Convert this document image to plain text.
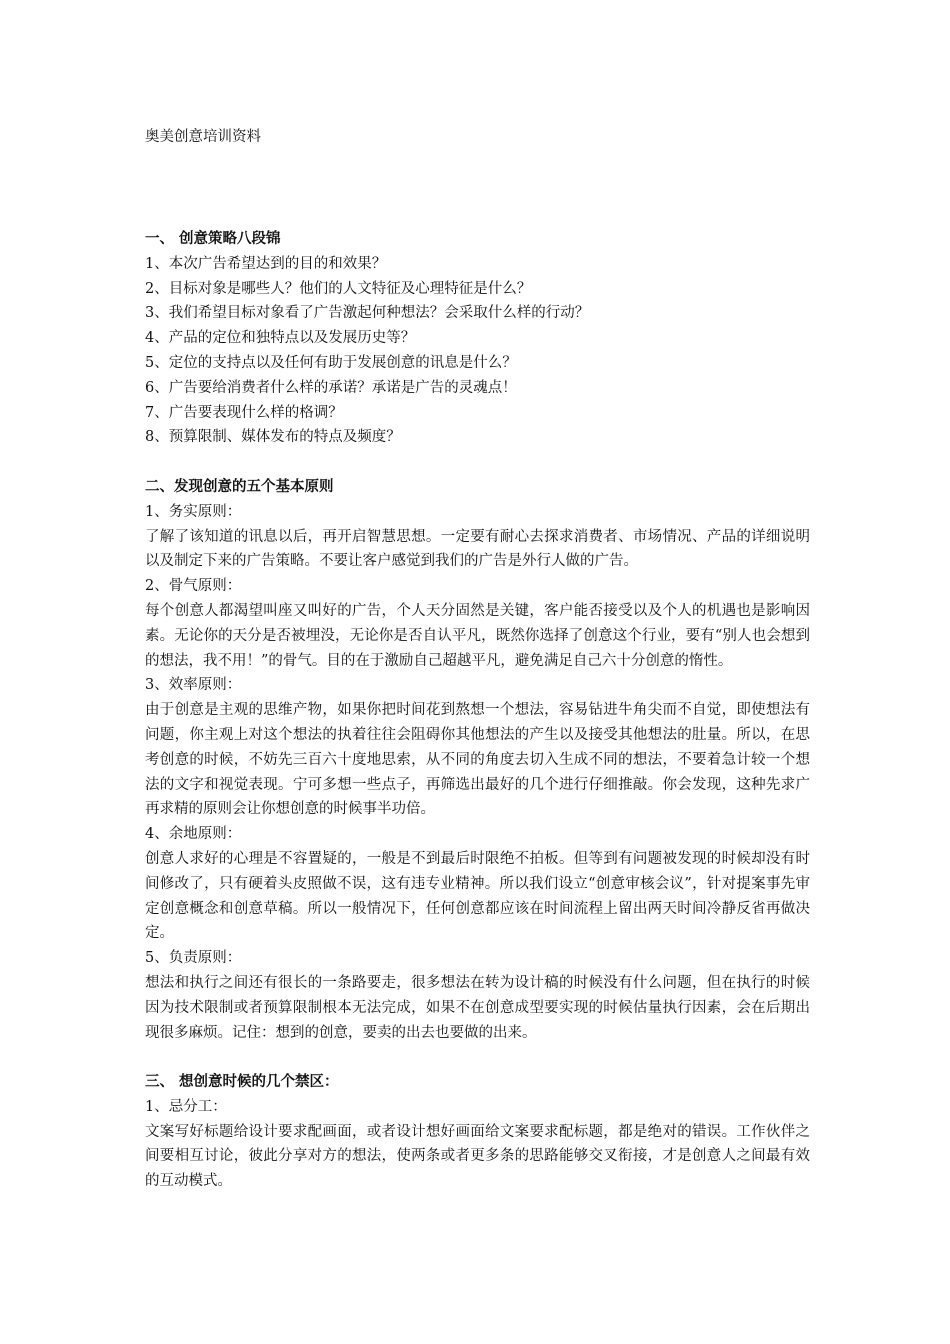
奥美创意培训资料
一、 创意策略八段锦
1、本次广告希望达到的目的和效果？
2、目标对象是哪些人？他们的人文特征及心理特征是什么？
3、我们希望目标对象看了广告激起何种想法？会采取什么样的行动？
4、产品的定位和独特点以及发展历史等？
5、定位的支持点以及任何有助于发展创意的讯息是什么？
6、广告要给消费者什么样的承诺？承诺是广告的灵魂点！
7、广告要表现什么样的格调？
8、预算限制、媒体发布的特点及频度？
二、发现创意的五个基本原则
1、务实原则：
了解了该知道的讯息以后，再开启智慧思想。一定要有耐心去探求消费者、市场情况、产品的详细说明以及制定下来的广告策略。不要让客户感觉到我们的广告是外行人做的广告。
2、骨气原则：
每个创意人都渴望叫座又叫好的广告，个人天分固然是关键，客户能否接受以及个人的机遇也是影响因素。无论你的天分是否被埋没，无论你是否自认平凡，既然你选择了创意这个行业，要有“别人也会想到的想法，我不用！”的骨气。目的在于激励自己超越平凡，避免满足自己六十分创意的惰性。
3、效率原则：
由于创意是主观的思维产物，如果你把时间花到熬想一个想法，容易钻进牛角尖而不自觉，即使想法有问题，你主观上对这个想法的执着往往会阻碍你其他想法的产生以及接受其他想法的肚量。所以，在思考创意的时候，不妨先三百六十度地思索，从不同的角度去切入生成不同的想法，不要着急计较一个想法的文字和视觉表现。宁可多想一些点子，再筛选出最好的几个进行仔细推敲。你会发现，这种先求广再求精的原则会让你想创意的时候事半功倍。
4、余地原则：
创意人求好的心理是不容置疑的，一般是不到最后时限绝不拍板。但等到有问题被发现的时候却没有时间修改了，只有硬着头皮照做不误，这有违专业精神。所以我们设立“创意审核会议”，针对提案事先审定创意概念和创意草稿。所以一般情况下，任何创意都应该在时间流程上留出两天时间冷静反省再做决定。
5、负责原则：
想法和执行之间还有很长的一条路要走，很多想法在转为设计稿的时候没有什么问题，但在执行的时候因为技术限制或者预算限制根本无法完成，如果不在创意成型要实现的时候估量执行因素，会在后期出现很多麻烦。记住：想到的创意，要卖的出去也要做的出来。
三、 想创意时候的几个禁区：
1、忌分工：
文案写好标题给设计要求配画面，或者设计想好画面给文案要求配标题，都是绝对的错误。工作伙伴之间要相互讨论，彼此分享对方的想法，使两条或者更多条的思路能够交叉衔接，才是创意人之间最有效的互动模式。
